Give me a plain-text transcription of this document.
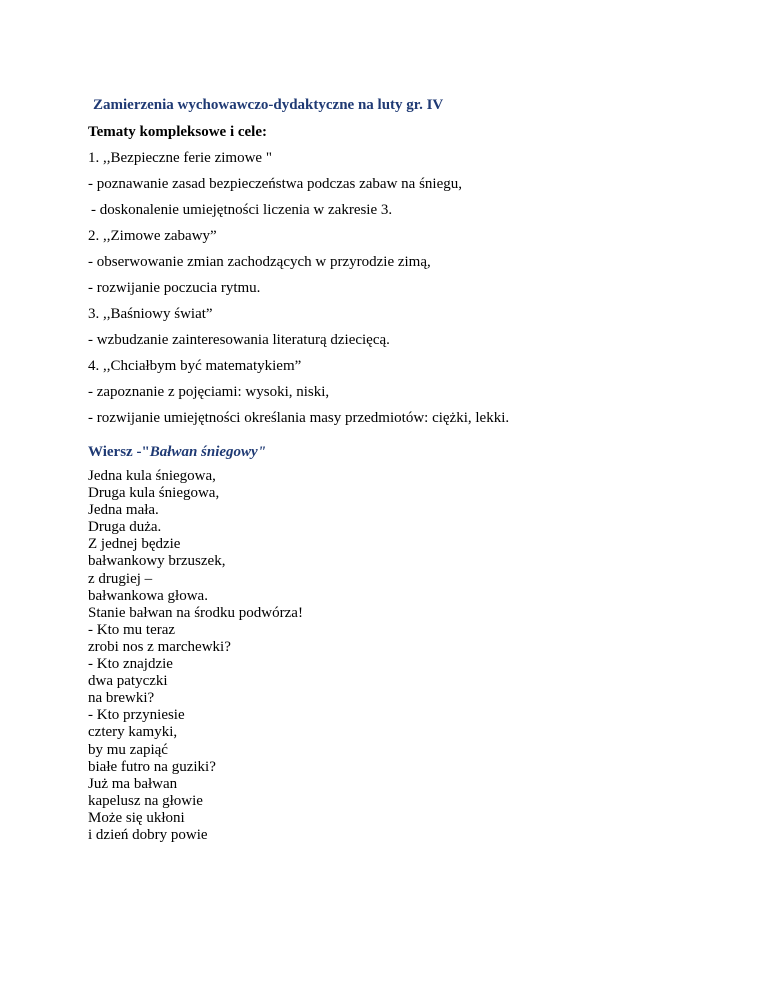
Zamierzenia wychowawczo-dydaktyczne na luty gr. IV
Tematy kompleksowe i cele:
1. ,,Bezpieczne ferie zimowe "
- poznawanie zasad bezpieczeństwa podczas zabaw na śniegu,
- doskonalenie umiejętności liczenia w zakresie 3.
2. ,,Zimowe zabawy”
- obserwowanie zmian zachodzących w przyrodzie zimą,
- rozwijanie poczucia rytmu.
3. ,,Baśniowy świat”
- wzbudzanie zainteresowania literaturą dziecięcą.
4. ,,Chciałbym być matematykiem”
- zapoznanie z pojęciami: wysoki, niski,
- rozwijanie umiejętności określania masy przedmiotów: ciężki, lekki.
Wiersz -"Bałwan śniegowy"
Jedna kula śniegowa,
Druga kula śniegowa,
Jedna mała.
Druga duża.
Z jednej będzie
bałwankowy brzuszek,
z drugiej –
bałwankowa głowa.
Stanie bałwan na środku podwórza!
- Kto mu teraz
zrobi nos z marchewki?
- Kto znajdzie
dwa patyczki
na brewki?
- Kto przyniesie
cztery kamyki,
by mu zapiąć
białe futro na guziki?
Już ma bałwan
kapelusz na głowie
Może się ukłoni
i dzień dobry powie
